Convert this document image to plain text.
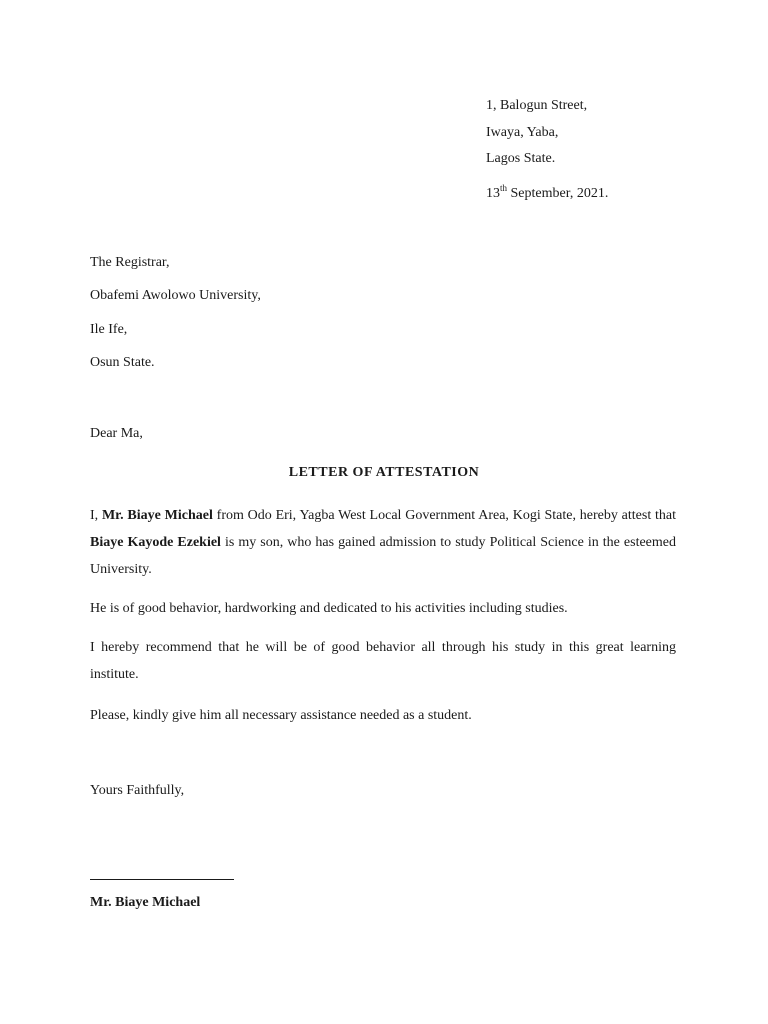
1, Balogun Street,
Iwaya, Yaba,
Lagos State.
13th September, 2021.
The Registrar,
Obafemi Awolowo University,
Ile Ife,
Osun State.
Dear Ma,
LETTER OF ATTESTATION
I, Mr. Biaye Michael from Odo Eri, Yagba West Local Government Area, Kogi State, hereby attest that Biaye Kayode Ezekiel is my son, who has gained admission to study Political Science in the esteemed University.
He is of good behavior, hardworking and dedicated to his activities including studies.
I hereby recommend that he will be of good behavior all through his study in this great learning institute.
Please, kindly give him all necessary assistance needed as a student.
Yours Faithfully,
Mr. Biaye Michael
